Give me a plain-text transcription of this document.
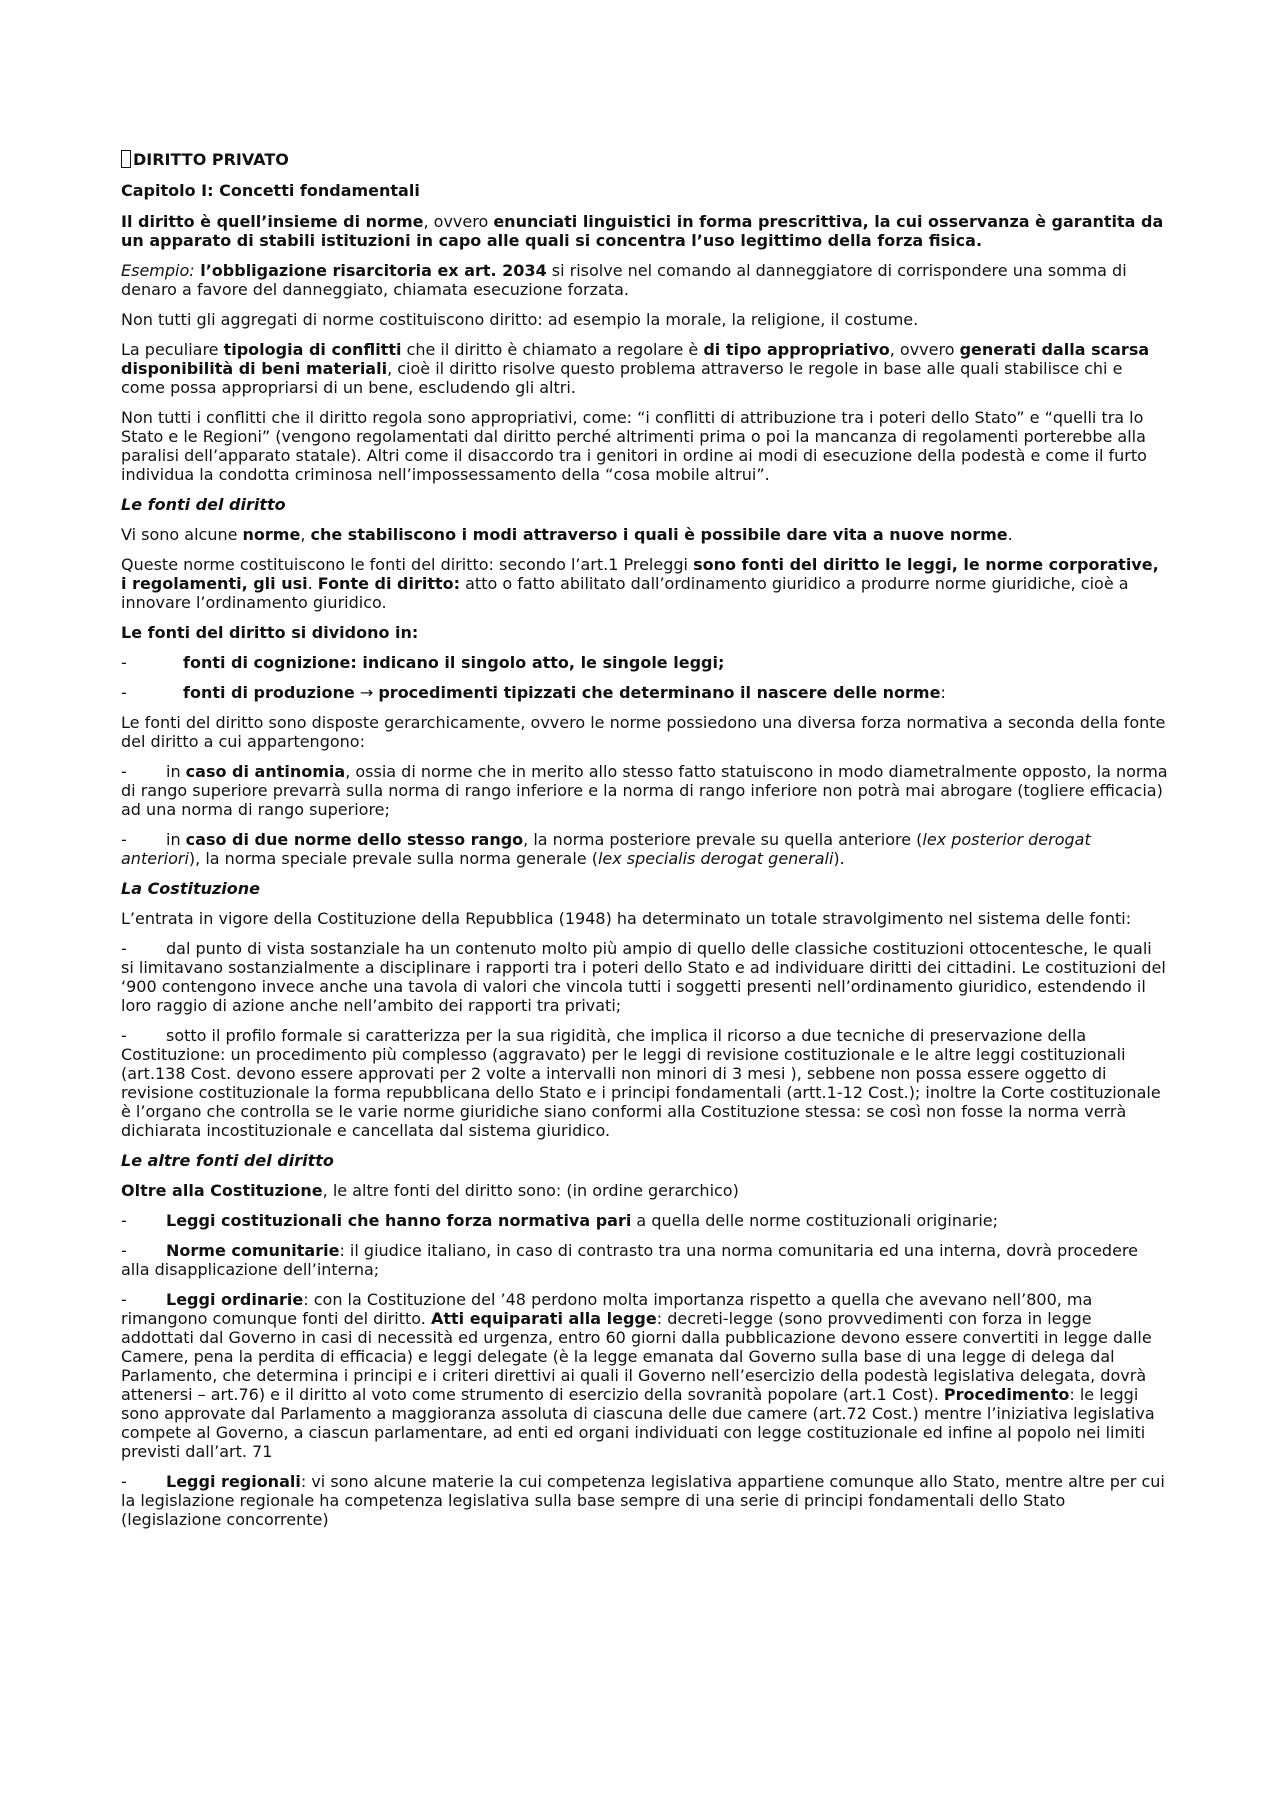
DIRITTO PRIVATO

Capitolo I: Concetti fondamentali

Il diritto è quell’insieme di norme, ovvero enunciati linguistici in forma prescrittiva, la cui osservanza è garantita da un apparato di stabili istituzioni in capo alle quali si concentra l’uso legittimo della forza fisica.

Esempio: l’obbligazione risarcitoria ex art. 2034 si risolve nel comando al danneggiatore di corrispondere una somma di denaro a favore del danneggiato, chiamata esecuzione forzata.

Non tutti gli aggregati di norme costituiscono diritto: ad esempio la morale, la religione, il costume.

La peculiare tipologia di conflitti che il diritto è chiamato a regolare è di tipo appropriativo, ovvero generati dalla scarsa disponibilità di beni materiali, cioè il diritto risolve questo problema attraverso le regole in base alle quali stabilisce chi e come possa appropriarsi di un bene, escludendo gli altri.

Non tutti i conflitti che il diritto regola sono appropriativi, come: “i conflitti di attribuzione tra i poteri dello Stato” e “quelli tra lo Stato e le Regioni” (vengono regolamentati dal diritto perché altrimenti prima o poi la mancanza di regolamenti porterebbe alla paralisi dell’apparato statale). Altri come il disaccordo tra i genitori in ordine ai modi di esecuzione della podestà e come il furto individua la condotta criminosa nell’impossessamento della “cosa mobile altrui”.

Le fonti del diritto

Vi sono alcune norme, che stabiliscono i modi attraverso i quali è possibile dare vita a nuove norme.

Queste norme costituiscono le fonti del diritto: secondo l’art.1 Preleggi sono fonti del diritto le leggi, le norme corporative, i regolamenti, gli usi. Fonte di diritto: atto o fatto abilitato dall’ordinamento giuridico a produrre norme giuridiche, cioè a innovare l’ordinamento giuridico.

Le fonti del diritto si dividono in:

-	fonti di cognizione: indicano il singolo atto, le singole leggi;

-	fonti di produzione → procedimenti tipizzati che determinano il nascere delle norme:

Le fonti del diritto sono disposte gerarchicamente, ovvero le norme possiedono una diversa forza normativa a seconda della fonte del diritto a cui appartengono:

- in caso di antinomia, ossia di norme che in merito allo stesso fatto statuiscono in modo diametralmente opposto, la norma di rango superiore prevarrà sulla norma di rango inferiore e la norma di rango inferiore non potrà mai abrogare (togliere efficacia) ad una norma di rango superiore;

- in caso di due norme dello stesso rango, la norma posteriore prevale su quella anteriore (lex posterior derogat anteriori), la norma speciale prevale sulla norma generale (lex specialis derogat generali).

La Costituzione

L’entrata in vigore della Costituzione della Repubblica (1948) ha determinato un totale stravolgimento nel sistema delle fonti:

- dal punto di vista sostanziale ha un contenuto molto più ampio di quello delle classiche costituzioni ottocentesche, le quali si limitavano sostanzialmente a disciplinare i rapporti tra i poteri dello Stato e ad individuare diritti dei cittadini. Le costituzioni del ‘900 contengono invece anche una tavola di valori che vincola tutti i soggetti presenti nell’ordinamento giuridico, estendendo il loro raggio di azione anche nell’ambito dei rapporti tra privati;

- sotto il profilo formale si caratterizza per la sua rigidità, che implica il ricorso a due tecniche di preservazione della Costituzione: un procedimento più complesso (aggravato) per le leggi di revisione costituzionale e le altre leggi costituzionali (art.138 Cost. devono essere approvati per 2 volte a intervalli non minori di 3 mesi ), sebbene non possa essere oggetto di revisione costituzionale la forma repubblicana dello Stato e i principi fondamentali (artt.1-12 Cost.); inoltre la Corte costituzionale è l’organo che controlla se le varie norme giuridiche siano conformi alla Costituzione stessa: se così non fosse la norma verrà dichiarata incostituzionale e cancellata dal sistema giuridico.

Le altre fonti del diritto

Oltre alla Costituzione, le altre fonti del diritto sono: (in ordine gerarchico)

- Leggi costituzionali che hanno forza normativa pari a quella delle norme costituzionali originarie;

- Norme comunitarie: il giudice italiano, in caso di contrasto tra una norma comunitaria ed una interna, dovrà procedere alla disapplicazione dell’interna;

- Leggi ordinarie: con la Costituzione del ’48 perdono molta importanza rispetto a quella che avevano nell’800, ma rimangono comunque fonti del diritto. Atti equiparati alla legge: decreti-legge (sono provvedimenti con forza in legge addottati dal Governo in casi di necessità ed urgenza, entro 60 giorni dalla pubblicazione devono essere convertiti in legge dalle Camere, pena la perdita di efficacia) e leggi delegate (è la legge emanata dal Governo sulla base di una legge di delega dal Parlamento, che determina i principi e i criteri direttivi ai quali il Governo nell’esercizio della podestà legislativa delegata, dovrà attenersi – art.76) e il diritto al voto come strumento di esercizio della sovranità popolare (art.1 Cost). Procedimento: le leggi sono approvate dal Parlamento a maggioranza assoluta di ciascuna delle due camere (art.72 Cost.) mentre l’iniziativa legislativa compete al Governo, a ciascun parlamentare, ad enti ed organi individuati con legge costituzionale ed infine al popolo nei limiti previsti dall’art. 71

- Leggi regionali: vi sono alcune materie la cui competenza legislativa appartiene comunque allo Stato, mentre altre per cui la legislazione regionale ha competenza legislativa sulla base sempre di una serie di principi fondamentali dello Stato (legislazione concorrente)
